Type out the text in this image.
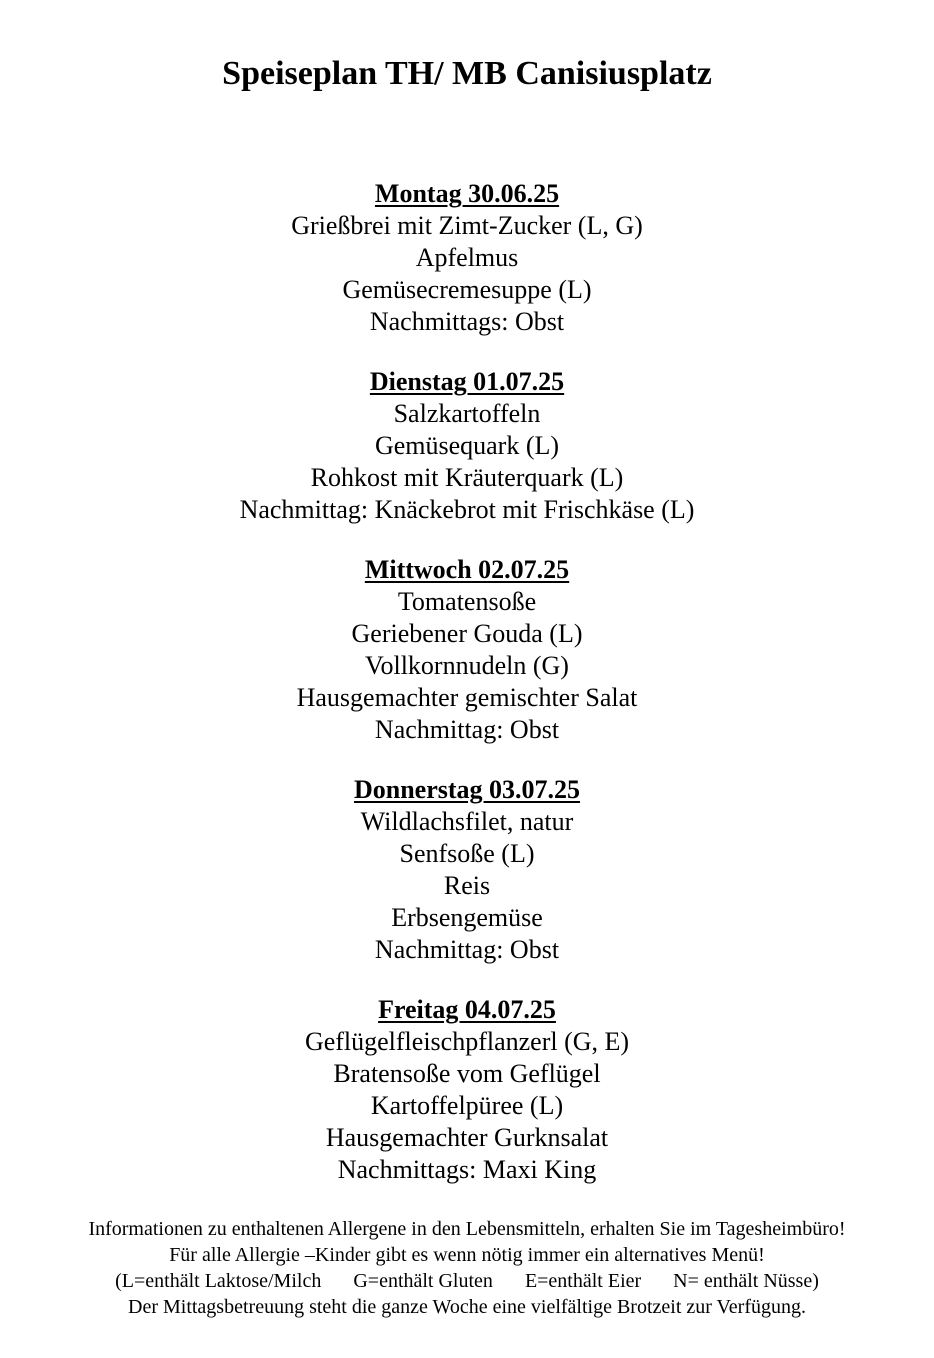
Speiseplan TH/ MB Canisiusplatz
Montag 30.06.25
Grießbrei mit Zimt-Zucker (L, G)
Apfelmus
Gemüsecremesuppe (L)
Nachmittags: Obst
Dienstag 01.07.25
Salzkartoffeln
Gemüsequark (L)
Rohkost mit Kräuterquark (L)
Nachmittag: Knäckebrot mit Frischkäse (L)
Mittwoch 02.07.25
Tomatensoße
Geriebener Gouda (L)
Vollkornnudeln (G)
Hausgemachter gemischter Salat
Nachmittag: Obst
Donnerstag 03.07.25
Wildlachsfilet, natur
Senfsoße (L)
Reis
Erbsengemüse
Nachmittag: Obst
Freitag 04.07.25
Geflügelfleischpflanzerl (G, E)
Bratensoße vom Geflügel
Kartoffelpüree (L)
Hausgemachter Gurknsalat
Nachmittags: Maxi King
Informationen zu enthaltenen Allergene in den Lebensmitteln, erhalten Sie im Tagesheimbüro!
Für alle Allergie –Kinder gibt es wenn nötig immer ein alternatives Menü!
(L=enthält Laktose/Milch G=enthält Gluten E=enthält Eier N= enthält Nüsse)
Der Mittagsbetreuung steht die ganze Woche eine vielfältige Brotzeit zur Verfügung.
